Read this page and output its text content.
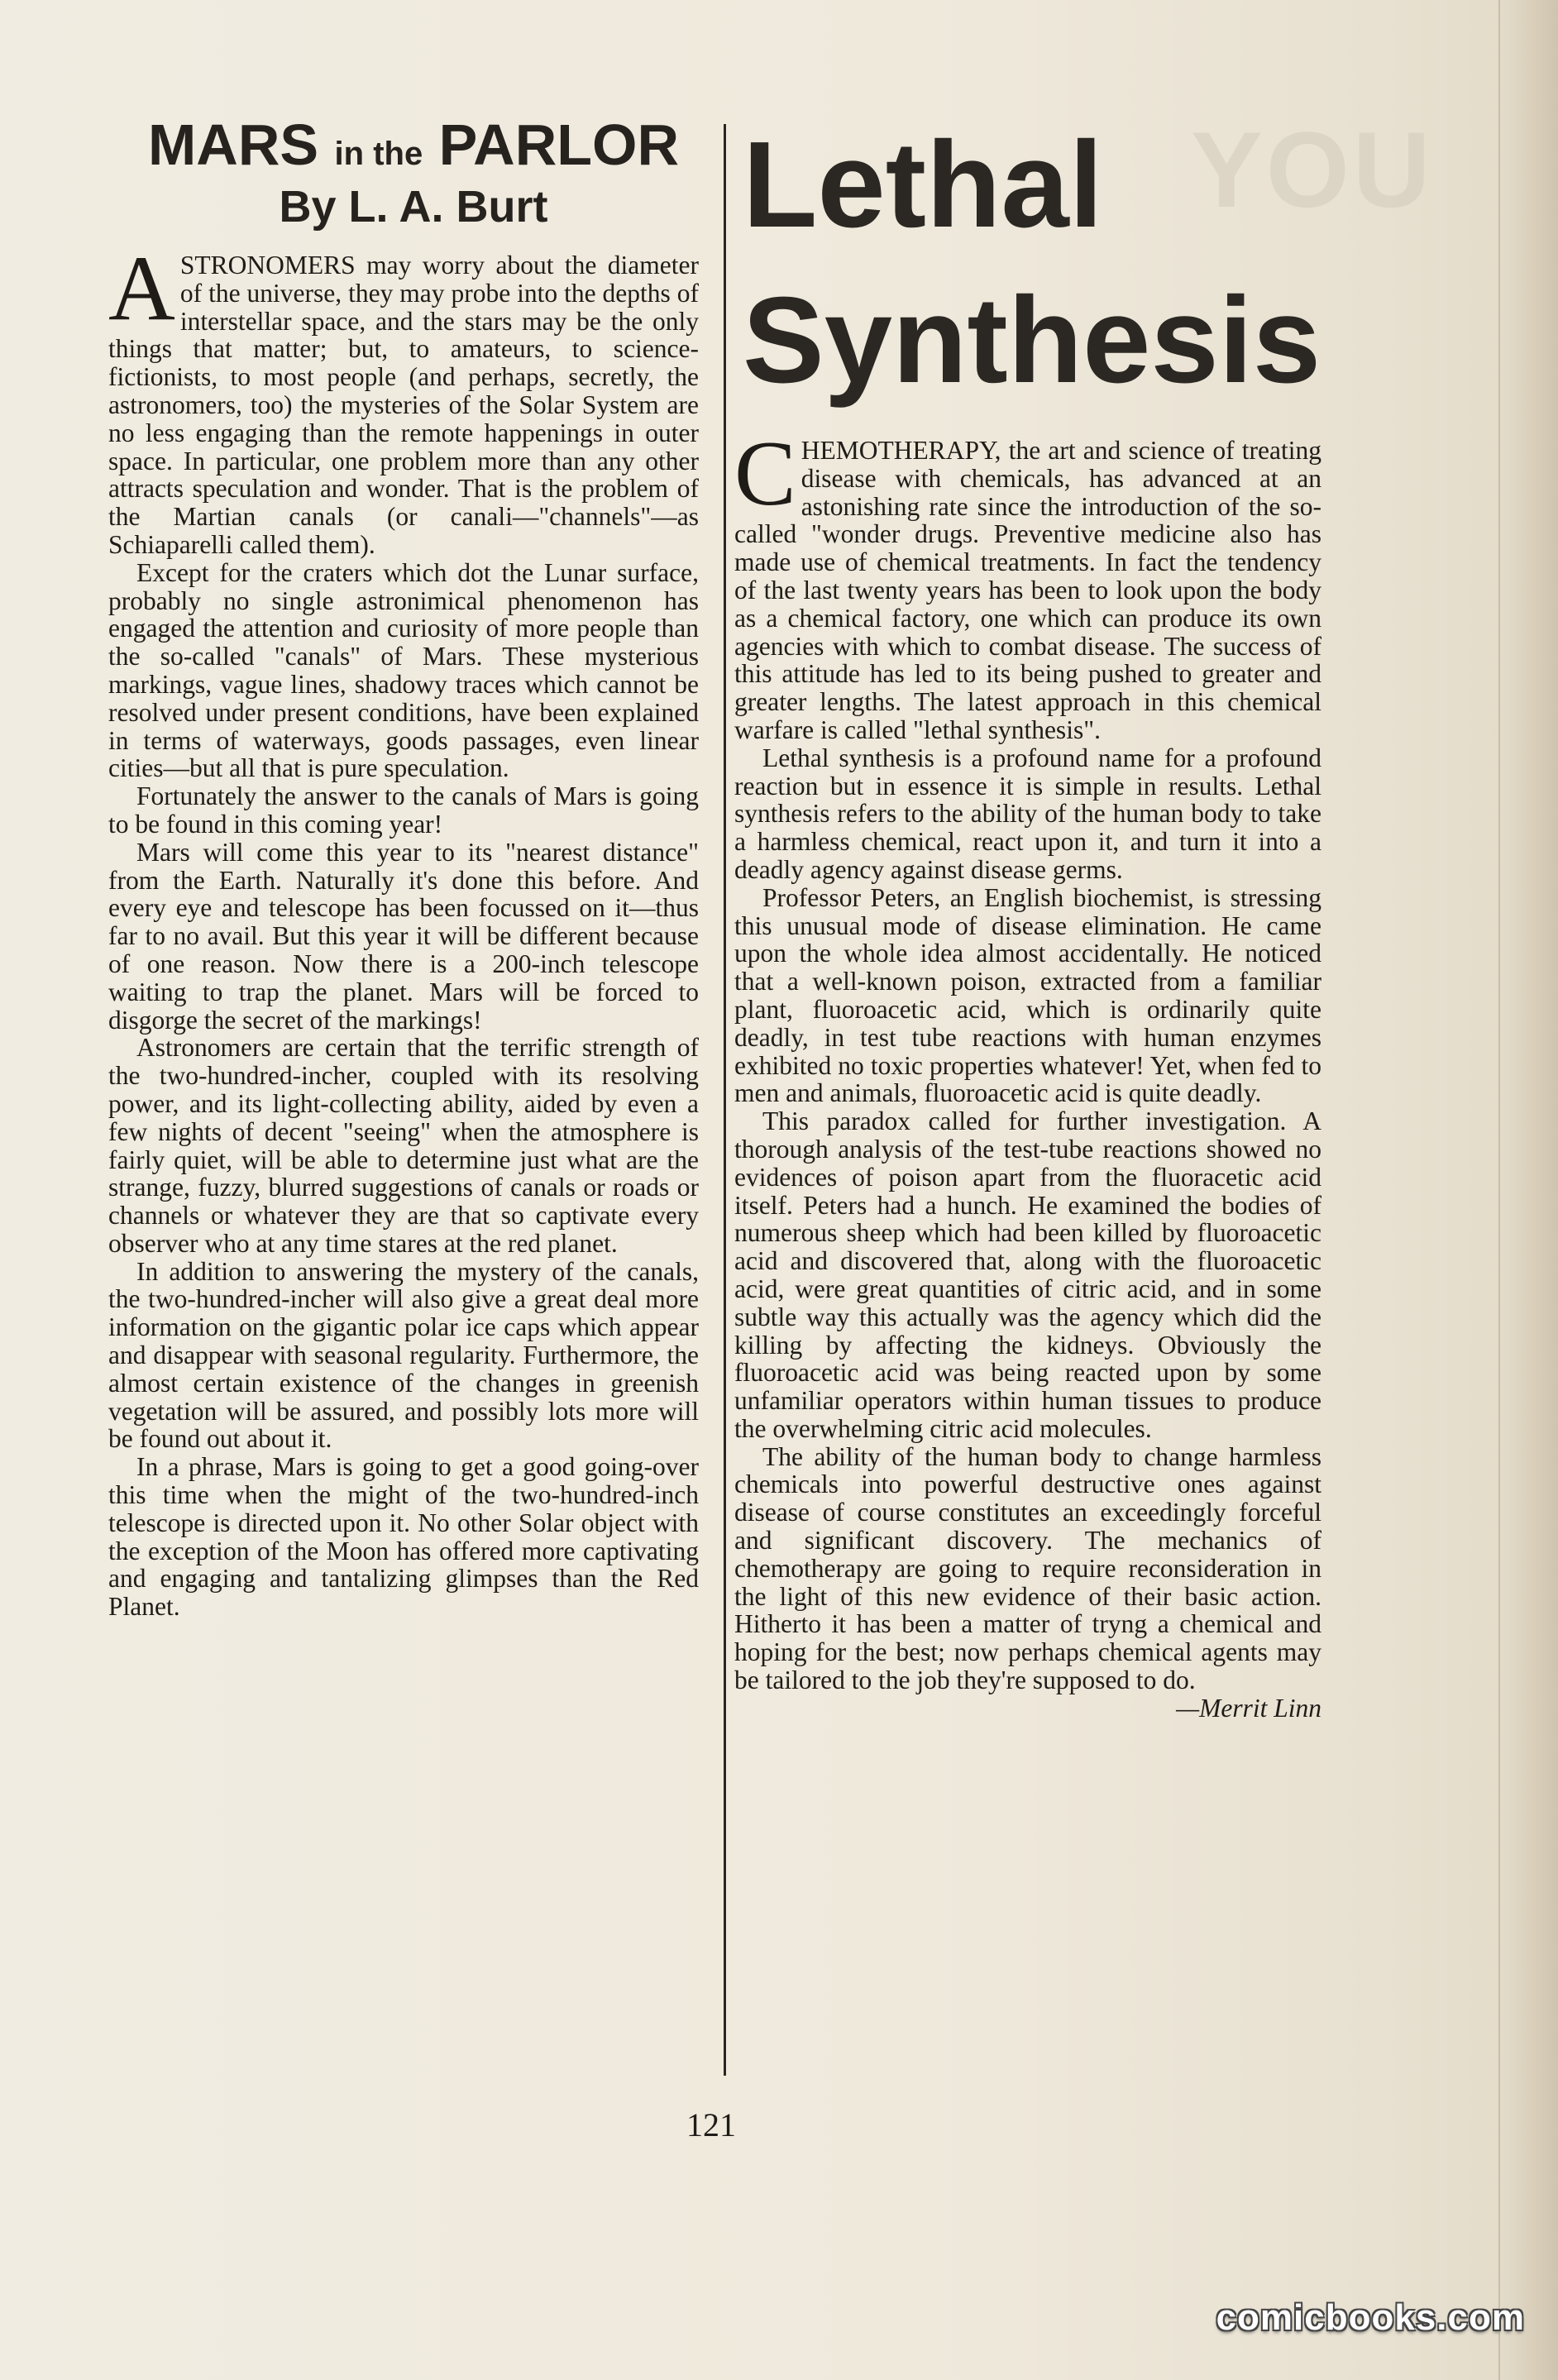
YOU
MARS in the PARLOR
By L. A. Burt

ASTRONOMERS may worry about the diameter of the universe, they may probe into the depths of interstellar space, and the stars may be the only things that matter; but, to amateurs, to science-fictionists, to most people (and perhaps, secretly, the astronomers, too) the mysteries of the Solar System are no less engaging than the remote happenings in outer space. In particular, one problem more than any other attracts speculation and wonder. That is the problem of the Martian canals (or canali—"channels"—as Schiaparelli called them).

Except for the craters which dot the Lunar surface, probably no single astronimical phenomenon has engaged the attention and curiosity of more people than the so-called "canals" of Mars. These mysterious markings, vague lines, shadowy traces which cannot be resolved under present conditions, have been explained in terms of waterways, goods passages, even linear cities—but all that is pure speculation.

Fortunately the answer to the canals of Mars is going to be found in this coming year!

Mars will come this year to its "nearest distance" from the Earth. Naturally it's done this before. And every eye and telescope has been focussed on it—thus far to no avail. But this year it will be different because of one reason. Now there is a 200-inch telescope waiting to trap the planet. Mars will be forced to disgorge the secret of the markings!

Astronomers are certain that the terrific strength of the two-hundred-incher, coupled with its resolving power, and its light-collecting ability, aided by even a few nights of decent "seeing" when the atmosphere is fairly quiet, will be able to determine just what are the strange, fuzzy, blurred suggestions of canals or roads or channels or whatever they are that so captivate every observer who at any time stares at the red planet.

In addition to answering the mystery of the canals, the two-hundred-incher will also give a great deal more information on the gigantic polar ice caps which appear and disappear with seasonal regularity. Furthermore, the almost certain existence of the changes in greenish vegetation will be assured, and possibly lots more will be found out about it.

In a phrase, Mars is going to get a good going-over this time when the might of the two-hundred-inch telescope is directed upon it. No other Solar object with the exception of the Moon has offered more captivating and engaging and tantalizing glimpses than the Red Planet.

Lethal
Synthesis

CHEMOTHERAPY, the art and science of treating disease with chemicals, has advanced at an astonishing rate since the introduction of the so-called "wonder drugs. Preventive medicine also has made use of chemical treatments. In fact the tendency of the last twenty years has been to look upon the body as a chemical factory, one which can produce its own agencies with which to combat disease. The success of this attitude has led to its being pushed to greater and greater lengths. The latest approach in this chemical warfare is called "lethal synthesis".

Lethal synthesis is a profound name for a profound reaction but in essence it is simple in results. Lethal synthesis refers to the ability of the human body to take a harmless chemical, react upon it, and turn it into a deadly agency against disease germs.

Professor Peters, an English biochemist, is stressing this unusual mode of disease elimination. He came upon the whole idea almost accidentally. He noticed that a well-known poison, extracted from a familiar plant, fluoroacetic acid, which is ordinarily quite deadly, in test tube reactions with human enzymes exhibited no toxic properties whatever! Yet, when fed to men and animals, fluoroacetic acid is quite deadly.

This paradox called for further investigation. A thorough analysis of the test-tube reactions showed no evidences of poison apart from the fluoracetic acid itself. Peters had a hunch. He examined the bodies of numerous sheep which had been killed by fluoroacetic acid and discovered that, along with the fluoroacetic acid, were great quantities of citric acid, and in some subtle way this actually was the agency which did the killing by affecting the kidneys. Obviously the fluoroacetic acid was being reacted upon by some unfamiliar operators within human tissues to produce the overwhelming citric acid molecules.

The ability of the human body to change harmless chemicals into powerful destructive ones against disease of course constitutes an exceedingly forceful and significant discovery. The mechanics of chemotherapy are going to require reconsideration in the light of this new evidence of their basic action. Hitherto it has been a matter of tryng a chemical and hoping for the best; now perhaps chemical agents may be tailored to the job they're supposed to do.

—Merrit Linn

121
comicbooks.com
